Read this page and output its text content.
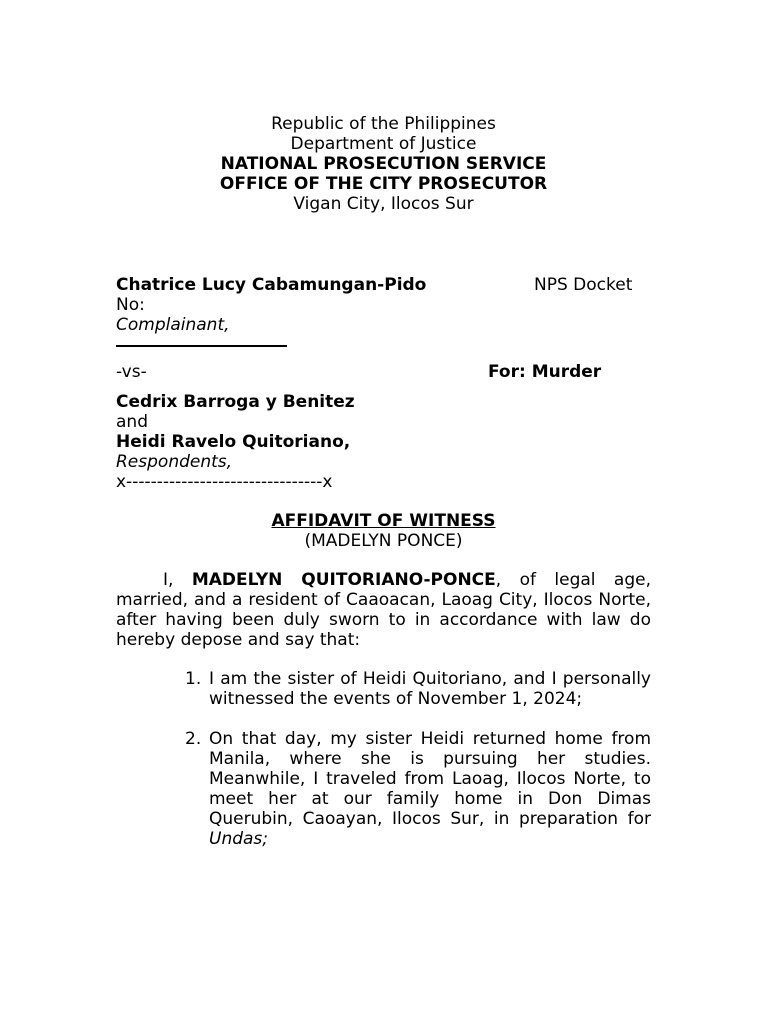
Republic of the Philippines
Department of Justice
NATIONAL PROSECUTION SERVICE
OFFICE OF THE CITY PROSECUTOR
Vigan City, Ilocos Sur
Chatrice Lucy Cabamungan-Pido	NPS Docket
No:
Complainant,
-vs-	For: Murder
Cedrix Barroga y Benitez
and
Heidi Ravelo Quitoriano,
Respondents,
x--------------------------------x
AFFIDAVIT OF WITNESS
(MADELYN PONCE)

I, MADELYN QUITORIANO-PONCE, of legal age, married, and a resident of Caaoacan, Laoag City, Ilocos Norte, after having been duly sworn to in accordance with law do hereby depose and say that:

1. I am the sister of Heidi Quitoriano, and I personally witnessed the events of November 1, 2024;
2. On that day, my sister Heidi returned home from Manila, where she is pursuing her studies. Meanwhile, I traveled from Laoag, Ilocos Norte, to meet her at our family home in Don Dimas Querubin, Caoayan, Ilocos Sur, in preparation for Undas;
